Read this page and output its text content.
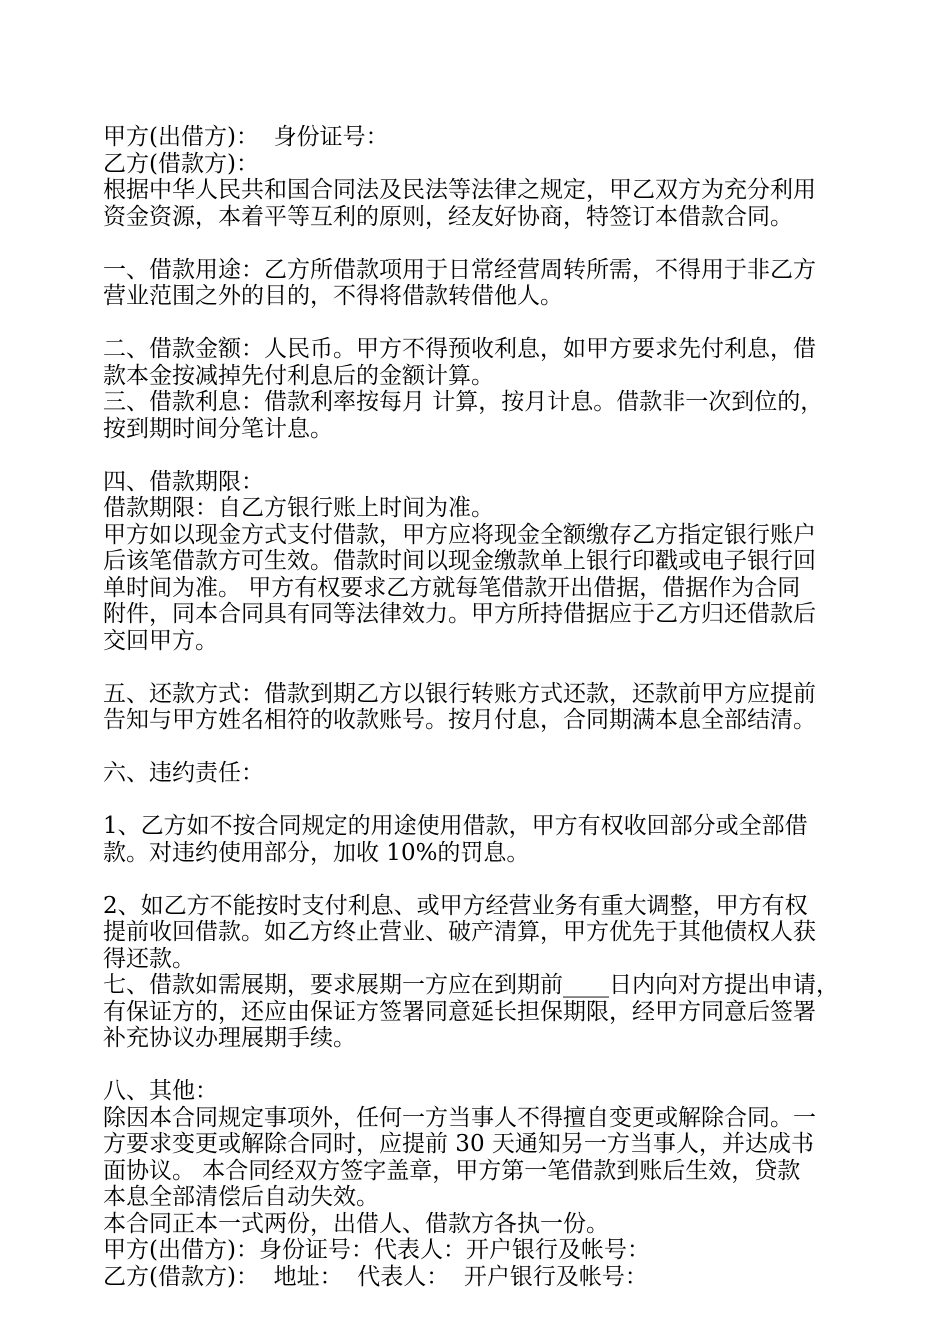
甲方(出借方)：  身份证号：
乙方(借款方)：
根据中华人民共和国合同法及民法等法律之规定，甲乙双方为充分利用
资金资源，本着平等互利的原则，经友好协商，特签订本借款合同。
一、借款用途：乙方所借款项用于日常经营周转所需，不得用于非乙方
营业范围之外的目的，不得将借款转借他人。
二、借款金额：人民币。甲方不得预收利息，如甲方要求先付利息，借
款本金按减掉先付利息后的金额计算。
三、借款利息：借款利率按每月 计算，按月计息。借款非一次到位的，
按到期时间分笔计息。
四、借款期限：
借款期限：自乙方银行账上时间为准。
甲方如以现金方式支付借款，甲方应将现金全额缴存乙方指定银行账户
后该笔借款方可生效。借款时间以现金缴款单上银行印戳或电子银行回
单时间为准。 甲方有权要求乙方就每笔借款开出借据，借据作为合同
附件，同本合同具有同等法律效力。甲方所持借据应于乙方归还借款后
交回甲方。
五、还款方式：借款到期乙方以银行转账方式还款，还款前甲方应提前
告知与甲方姓名相符的收款账号。按月付息，合同期满本息全部结清。
六、违约责任：
1、乙方如不按合同规定的用途使用借款，甲方有权收回部分或全部借
款。对违约使用部分，加收 10%的罚息。
2、如乙方不能按时支付利息、或甲方经营业务有重大调整，甲方有权
提前收回借款。如乙方终止营业、破产清算，甲方优先于其他债权人获
得还款。
七、借款如需展期，要求展期一方应在到期前____日内向对方提出申请，
有保证方的，还应由保证方签署同意延长担保期限，经甲方同意后签署
补充协议办理展期手续。
八、其他：
除因本合同规定事项外，任何一方当事人不得擅自变更或解除合同。一
方要求变更或解除合同时，应提前 30 天通知另一方当事人，并达成书
面协议。 本合同经双方签字盖章，甲方第一笔借款到账后生效，贷款
本息全部清偿后自动失效。
本合同正本一式两份，出借人、借款方各执一份。
甲方(出借方)：身份证号：代表人：开户银行及帐号：
乙方(借款方)：  地址：  代表人：  开户银行及帐号：
